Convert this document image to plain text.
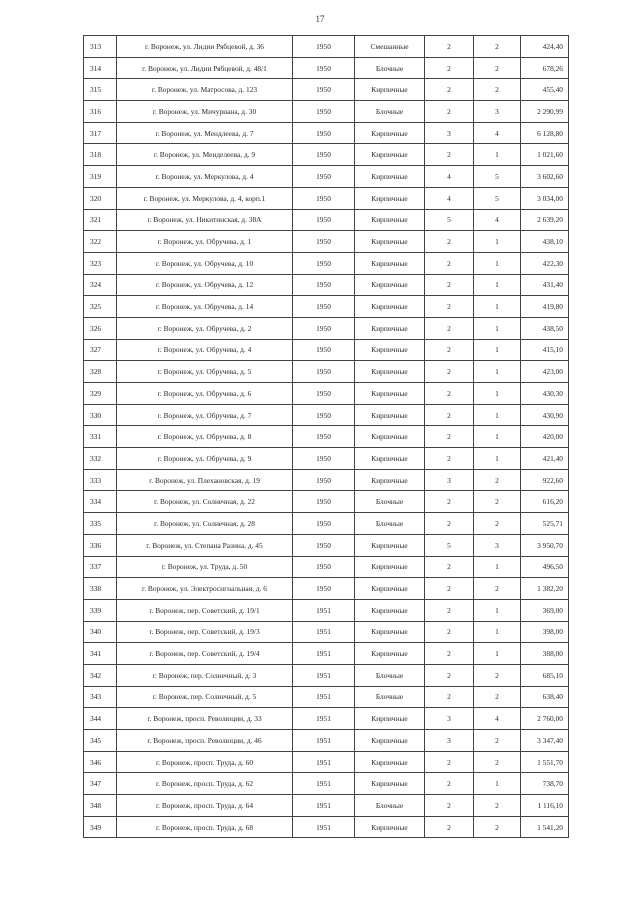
17
313	г. Воронеж, ул. Лидии Рябцевой, д. 36	1950	Смешанные	2	2	424,40
314	г. Воронеж, ул. Лидии Рябцевой, д. 48/1	1950	Блочные	2	2	678,26
315	г. Воронеж, ул. Матросова, д. 123	1950	Кирпичные	2	2	455,40
316	г. Воронеж, ул. Мичуриана, д. 30	1950	Блочные	2	3	2 290,99
317	г. Воронеж, ул. Мендлеева, д. 7	1950	Кирпичные	3	4	6 128,80
318	г. Воронеж, ул. Менделеева, д. 9	1950	Кирпичные	2	1	1 021,60
319	г. Воронеж, ул. Меркулова, д. 4	1950	Кирпичные	4	5	3 602,60
320	г. Воронеж, ул. Меркулова, д. 4, корп.1	1950	Кирпичные	4	5	3 034,00
321	г. Воронеж, ул. Никитинская, д. 38А	1950	Кирпичные	5	4	2 639,20
322	г. Воронеж, ул. Обручева, д. 1	1950	Кирпичные	2	1	438,10
323	г. Воронеж, ул. Обручева, д. 10	1950	Кирпичные	2	1	422,30
324	г. Воронеж, ул. Обручева, д. 12	1950	Кирпичные	2	1	431,40
325	г. Воронеж, ул. Обручева, д. 14	1950	Кирпичные	2	1	419,80
326	г. Воронеж, ул. Обручева, д. 2	1950	Кирпичные	2	1	438,50
327	г. Воронеж, ул. Обручева, д. 4	1950	Кирпичные	2	1	415,10
328	г. Воронеж, ул. Обручева, д. 5	1950	Кирпичные	2	1	423,00
329	г. Воронеж, ул. Обручева, д. 6	1950	Кирпичные	2	1	430,30
330	г. Воронеж, ул. Обручева, д. 7	1950	Кирпичные	2	1	430,90
331	г. Воронеж, ул. Обручева, д. 8	1950	Кирпичные	2	1	420,00
332	г. Воронеж, ул. Обручева, д. 9	1950	Кирпичные	2	1	421,40
333	г. Воронеж, ул. Плехановская, д. 19	1950	Кирпичные	3	2	922,60
334	г. Воронеж, ул. Солнечная, д. 22	1950	Блочные	2	2	616,20
335	г. Воронеж, ул. Солнечная, д. 28	1950	Блочные	2	2	525,71
336	г. Воронеж, ул. Степана Разина, д. 45	1950	Кирпичные	5	3	3 950,70
337	г. Воронеж, ул. Труда, д. 50	1950	Кирпичные	2	1	496,50
338	г. Воронеж, ул. Электросигнальная, д. 6	1950	Кирпичные	2	2	1 382,20
339	г. Воронеж, пер. Советский, д. 19/1	1951	Кирпичные	2	1	369,00
340	г. Воронеж, пер. Советский, д. 19/3	1951	Кирпичные	2	1	398,00
341	г. Воронеж, пер. Советский, д. 19/4	1951	Кирпичные	2	1	388,00
342	г. Воронеж, пер. Солнечный, д. 3	1951	Блочные	2	2	685,10
343	г. Воронеж, пер. Солнечный, д. 5	1951	Блочные	2	2	638,40
344	г. Воронеж, просп. Революции, д. 33	1951	Кирпичные	3	4	2 760,00
345	г. Воронеж, просп. Революции, д. 46	1951	Кирпичные	3	2	3 347,40
346	г. Воронеж, просп. Труда, д. 60	1951	Кирпичные	2	2	1 551,70
347	г. Воронеж, просп. Труда, д. 62	1951	Кирпичные	2	1	738,70
348	г. Воронеж, просп. Труда, д. 64	1951	Блочные	2	2	1 116,10
349	г. Воронеж, просп. Труда, д. 68	1951	Кирпичные	2	2	1 541,20
